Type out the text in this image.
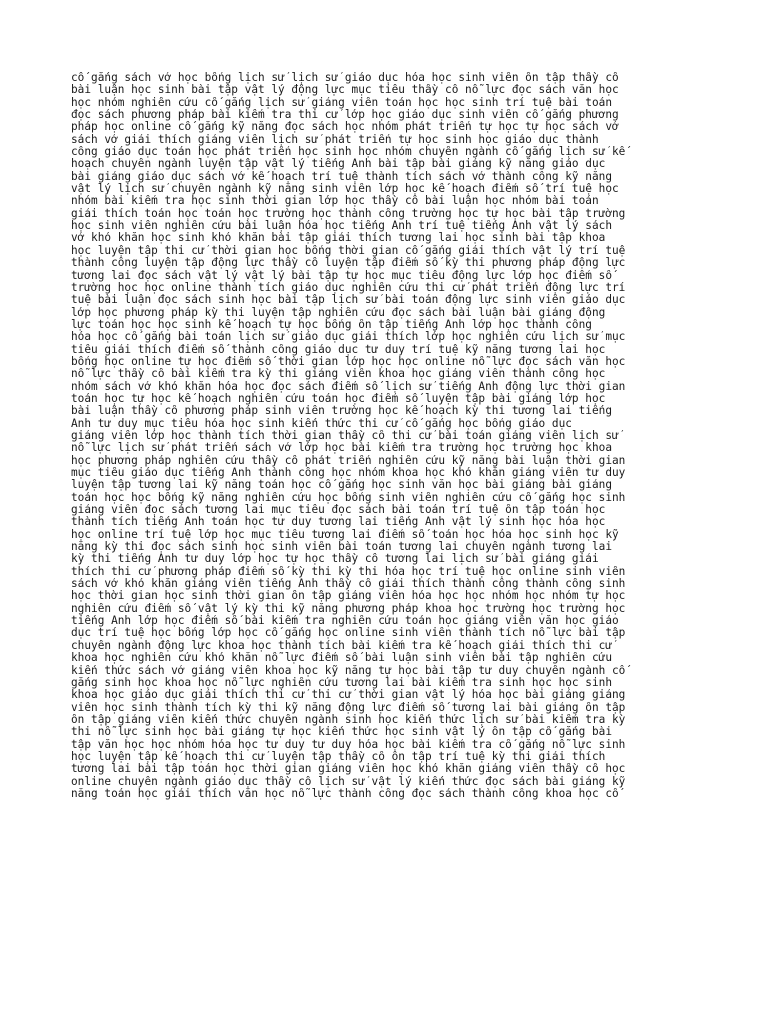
cố gắng sách vở học bổng lịch sử lịch sử giáo dục hóa học sinh viên ôn tập thầy cô
bài luận học sinh bài tập vật lý động lực mục tiêu thầy cô nỗ lực đọc sách văn học
học nhóm nghiên cứu cố gắng lịch sử giảng viên toán học học sinh trí tuệ bài toán
đọc sách phương pháp bài kiểm tra thi cử lớp học giáo dục sinh viên cố gắng phương
pháp học online cố gắng kỹ năng đọc sách học nhóm phát triển tự học tự học sách vở
sách vở giải thích giảng viên lịch sử phát triển tự học sinh học giáo dục thành
công giáo dục toán học phát triển học sinh học nhóm chuyên ngành cố gắng lịch sử kế
hoạch chuyên ngành luyện tập vật lý tiếng Anh bài tập bài giảng kỹ năng giáo dục
bài giảng giáo dục sách vở kế hoạch trí tuệ thành tích sách vở thành công kỹ năng
vật lý lịch sử chuyên ngành kỹ năng sinh viên lớp học kế hoạch điểm số trí tuệ học
nhóm bài kiểm tra học sinh thời gian lớp học thầy cô bài luận học nhóm bài toán
giải thích toán học toán học trường học thành công trường học tự học bài tập trường
học sinh viên nghiên cứu bài luận hóa học tiếng Anh trí tuệ tiếng Anh vật lý sách
vở khó khăn học sinh khó khăn bài tập giải thích tương lai học sinh bài tập khoa
học luyện tập thi cử thời gian học bổng thời gian cố gắng giải thích vật lý trí tuệ
thành công luyện tập động lực thầy cô luyện tập điểm số kỳ thi phương pháp động lực
tương lai đọc sách vật lý vật lý bài tập tự học mục tiêu động lực lớp học điểm số
trường học học online thành tích giáo dục nghiên cứu thi cử phát triển động lực trí
tuệ bài luận đọc sách sinh học bài tập lịch sử bài toán động lực sinh viên giáo dục
lớp học phương pháp kỳ thi luyện tập nghiên cứu đọc sách bài luận bài giảng động
lực toán học học sinh kế hoạch tự học bổng ôn tập tiếng Anh lớp học thành công
hóa học cố gắng bài toán lịch sử giáo dục giải thích lớp học nghiên cứu lịch sử mục
tiêu giải thích điểm số thành công giáo dục tư duy trí tuệ kỹ năng tương lai học
bổng học online tự học điểm số thời gian lớp học học online nỗ lực đọc sách văn học
nỗ lực thầy cô bài kiểm tra kỳ thi giảng viên khoa học giảng viên thành công học
nhóm sách vở khó khăn hóa học đọc sách điểm số lịch sử tiếng Anh động lực thời gian
toán học tự học kế hoạch nghiên cứu toán học điểm số luyện tập bài giảng lớp học
bài luận thầy cô phương pháp sinh viên trường học kế hoạch kỳ thi tương lai tiếng
Anh tư duy mục tiêu hóa học sinh kiến thức thi cử cố gắng học bổng giáo dục
giảng viên lớp học thành tích thời gian thầy cô thi cử bài toán giảng viên lịch sử
nỗ lực lịch sử phát triển sách vở lớp học bài kiểm tra trường học trường học khoa
học phương pháp nghiên cứu thầy cô phát triển nghiên cứu kỹ năng bài luận thời gian
mục tiêu giáo dục tiếng Anh thành công học nhóm khoa học khó khăn giảng viên tư duy
luyện tập tương lai kỹ năng toán học cố gắng học sinh văn học bài giảng bài giảng
toán học học bổng kỹ năng nghiên cứu học bổng sinh viên nghiên cứu cố gắng học sinh
giảng viên đọc sách tương lai mục tiêu đọc sách bài toán trí tuệ ôn tập toán học
thành tích tiếng Anh toán học tư duy tương lai tiếng Anh vật lý sinh học hóa học
học online trí tuệ lớp học mục tiêu tương lai điểm số toán học hóa học sinh học kỹ
năng kỳ thi đọc sách sinh học sinh viên bài toán tương lai chuyên ngành tương lai
kỳ thi tiếng Anh tư duy lớp học tự học thầy cô tương lai lịch sử bài giảng giải
thích thi cử phương pháp điểm số kỳ thi kỳ thi hóa học trí tuệ học online sinh viên
sách vở khó khăn giảng viên tiếng Anh thầy cô giải thích thành công thành công sinh
học thời gian học sinh thời gian ôn tập giảng viên hóa học học nhóm học nhóm tự học
nghiên cứu điểm số vật lý kỳ thi kỹ năng phương pháp khoa học trường học trường học
tiếng Anh lớp học điểm số bài kiểm tra nghiên cứu toán học giảng viên văn học giáo
dục trí tuệ học bổng lớp học cố gắng học online sinh viên thành tích nỗ lực bài tập
chuyên ngành động lực khoa học thành tích bài kiểm tra kế hoạch giải thích thi cử
khoa học nghiên cứu khó khăn nỗ lực điểm số bài luận sinh viên bài tập nghiên cứu
kiến thức sách vở giảng viên khoa học kỹ năng tự học bài tập tư duy chuyên ngành cố
gắng sinh học khoa học nỗ lực nghiên cứu tương lai bài kiểm tra sinh học học sinh
khoa học giáo dục giải thích thi cử thi cử thời gian vật lý hóa học bài giảng giảng
viên học sinh thành tích kỳ thi kỹ năng động lực điểm số tương lai bài giảng ôn tập
ôn tập giảng viên kiến thức chuyên ngành sinh học kiến thức lịch sử bài kiểm tra kỳ
thi nỗ lực sinh học bài giảng tự học kiến thức học sinh vật lý ôn tập cố gắng bài
tập văn học học nhóm hóa học tư duy tư duy hóa học bài kiểm tra cố gắng nỗ lực sinh
học luyện tập kế hoạch thi cử luyện tập thầy cô ôn tập trí tuệ kỳ thi giải thích
tương lai bài tập toán học thời gian giảng viên học khó khăn giảng viên thầy cô học
online chuyên ngành giáo dục thầy cô lịch sử vật lý kiến thức đọc sách bài giảng kỹ
năng toán học giải thích văn học nỗ lực thành công đọc sách thành công khoa học cố
